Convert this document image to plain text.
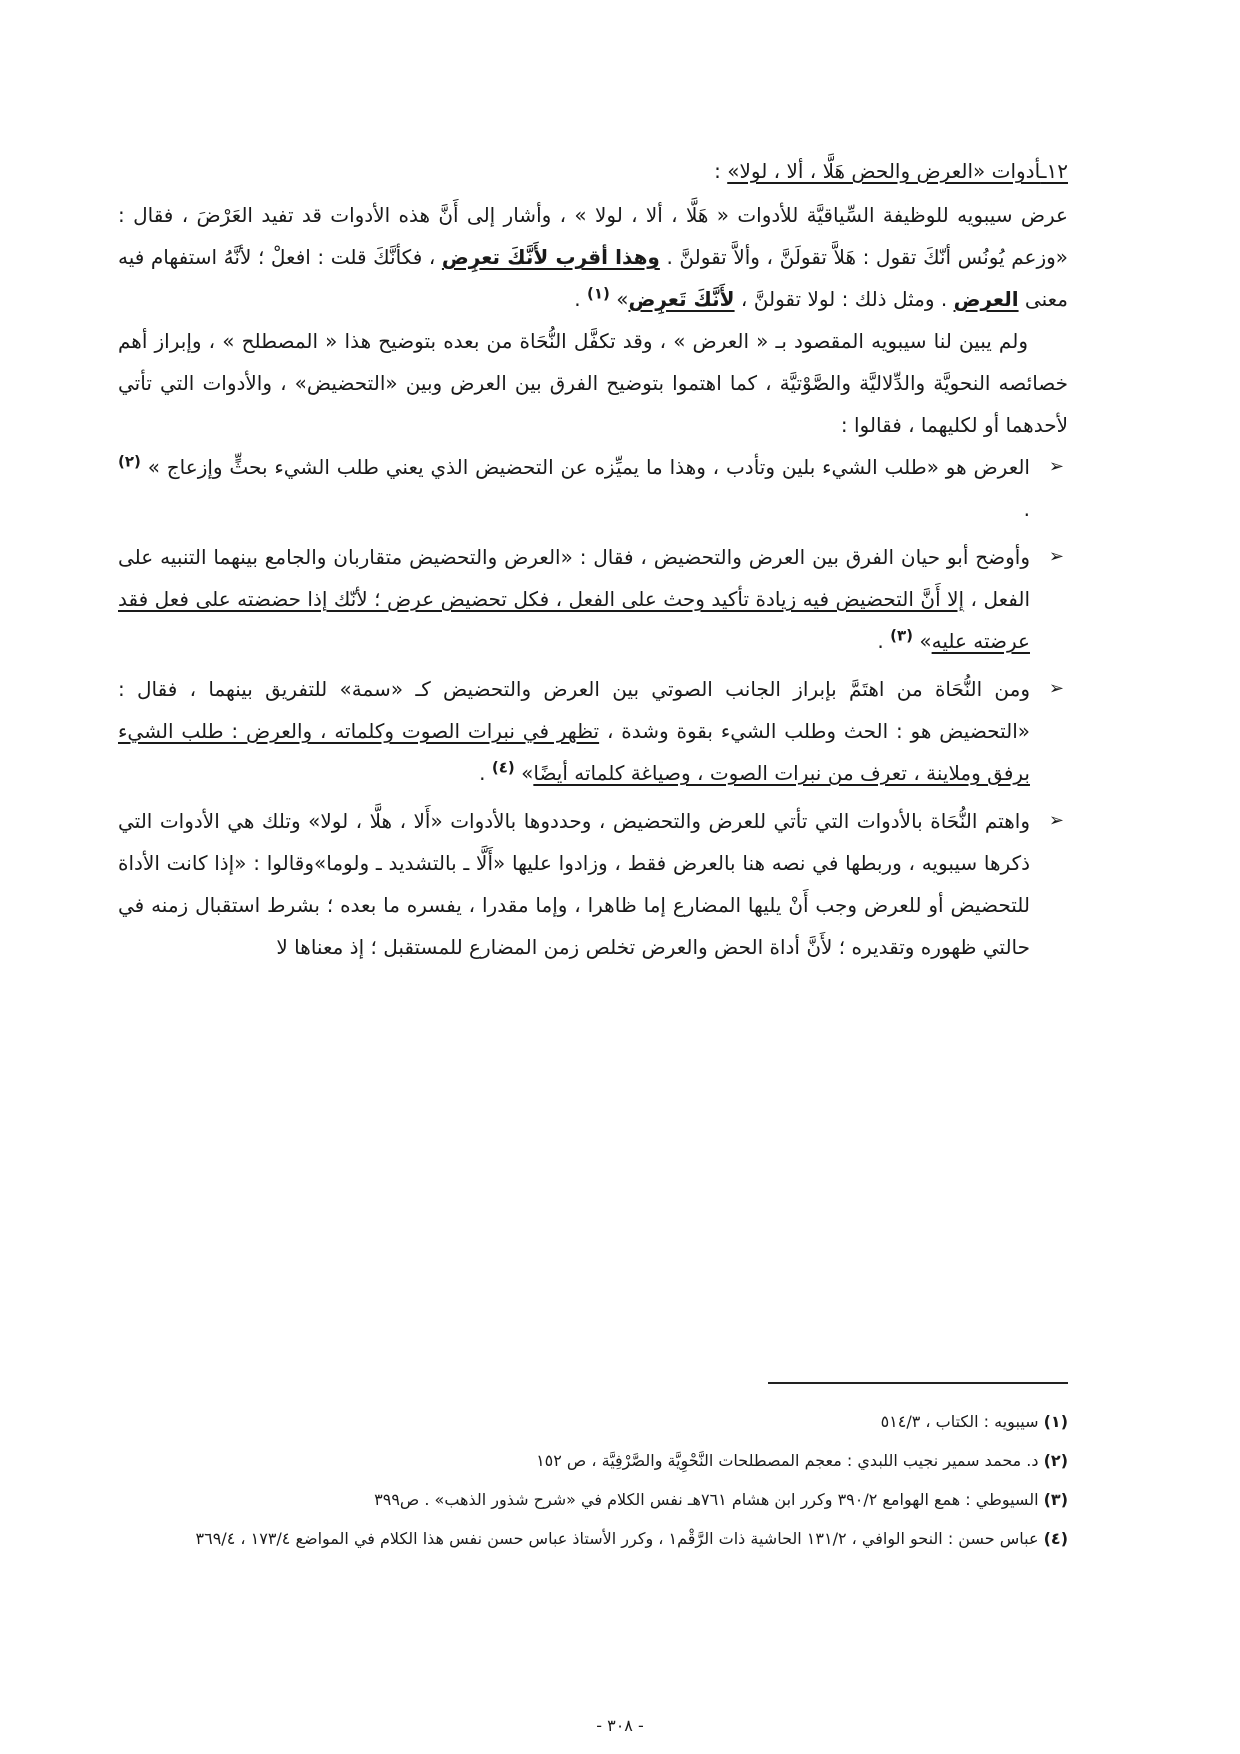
١٢ـأدوات «العرض والحض هَلَّا ، ألا ، لولا» :

عرض سيبويه للوظيفة السِّياقيَّة للأدوات « هَلَّا ، ألا ، لولا » ، وأشار إلى أَنَّ هذه الأدوات قد تفيد العَرْضَ ، فقال : «وزعم يُونُس أنّكَ تقول : هَلاَّ تقولَنَّ ، وألاَّ تقولنَّ . وهذا أقرب لأَنَّكَ تعرِض ، فكأنَّكَ قلت : افعلْ ؛ لأنَّهُ استفهام فيه معنى العرض . ومثل ذلك : لولا تقولنَّ ، لأَنَّكَ تَعرِض» $^{(١)}$ .

ولم يبين لنا سيبويه المقصود بـ « العرض » ، وقد تكفَّل النُّحَاة من بعده بتوضيح هذا « المصطلح » ، وإبراز أهم خصائصه النحويَّة والدِّلاليَّة والصَّوْتيَّة ، كما اهتموا بتوضيح الفرق بين العرض وبين «التحضيض» ، والأدوات التي تأتي لأحدهما أو لكليهما ، فقالوا :

➢
العرض هو «طلب الشيء بلين وتأدب ، وهذا ما يميِّزه عن التحضيض الذي يعني طلب الشيء بحثٍّ وإزعاج » $^{(٢)}$ .
➢
وأوضح أبو حيان الفرق بين العرض والتحضيض ، فقال : «العرض والتحضيض متقاربان والجامع بينهما التنبيه على الفعل ، إلا أَنَّ التحضيض فيه زيادة تأكيد وحث على الفعل ، فكل تحضيض عرض ؛ لأنّك إذا حضضته على فعل فقد عرضته عليه» $^{(٣)}$ .
➢
ومن النُّحَاة من اهتَمَّ بإبراز الجانب الصوتي بين العرض والتحضيض كـ «سمة» للتفريق بينهما ، فقال : «التحضيض هو : الحث وطلب الشيء بقوة وشدة ، تظهر في نبرات الصوت وكلماته ، والعرض : طلب الشيء برفق وملاينة ، تعرف من نبرات الصوت ، وصياغة كلماته أيضًا» $^{(٤)}$ .
➢
واهتم النُّحَاة بالأدوات التي تأتي للعرض والتحضيض ، وحددوها بالأدوات «أَلا ، هلَّا ، لولا» وتلك هي الأدوات التي ذكرها سيبويه ، وربطها في نصه هنا بالعرض فقط ، وزادوا عليها «أَلَّا ـ بالتشديد ـ ولوما»وقالوا : «إذا كانت الأداة للتحضيض أو للعرض وجب أَنْ يليها المضارع إما ظاهرا ، وإما مقدرا ، يفسره ما بعده ؛ بشرط استقبال زمنه في حالتي ظهوره وتقديره ؛ لأَنَّ أداة الحض والعرض تخلص زمن المضارع للمستقبل ؛ إذ معناها لا

(١) سيبويه : الكتاب ، ٥١٤/٣

(٢) د. محمد سمير نجيب اللبدي : معجم المصطلحات النَّحْوِيَّة والصَّرْفِيَّة ، ص ١٥٢

(٣) السيوطي : همع الهوامع ٣٩٠/٢ وكرر ابن هشام ٧٦١هـ نفس الكلام في «شرح شذور الذهب» . ص٣٩٩

(٤) عباس حسن : النحو الوافي ، ١٣١/٢ الحاشية ذات الرَّقْم١ ، وكرر الأستاذ عباس حسن نفس هذا الكلام في المواضع ١٧٣/٤ ، ٣٦٩/٤

- ٣٠٨ -
